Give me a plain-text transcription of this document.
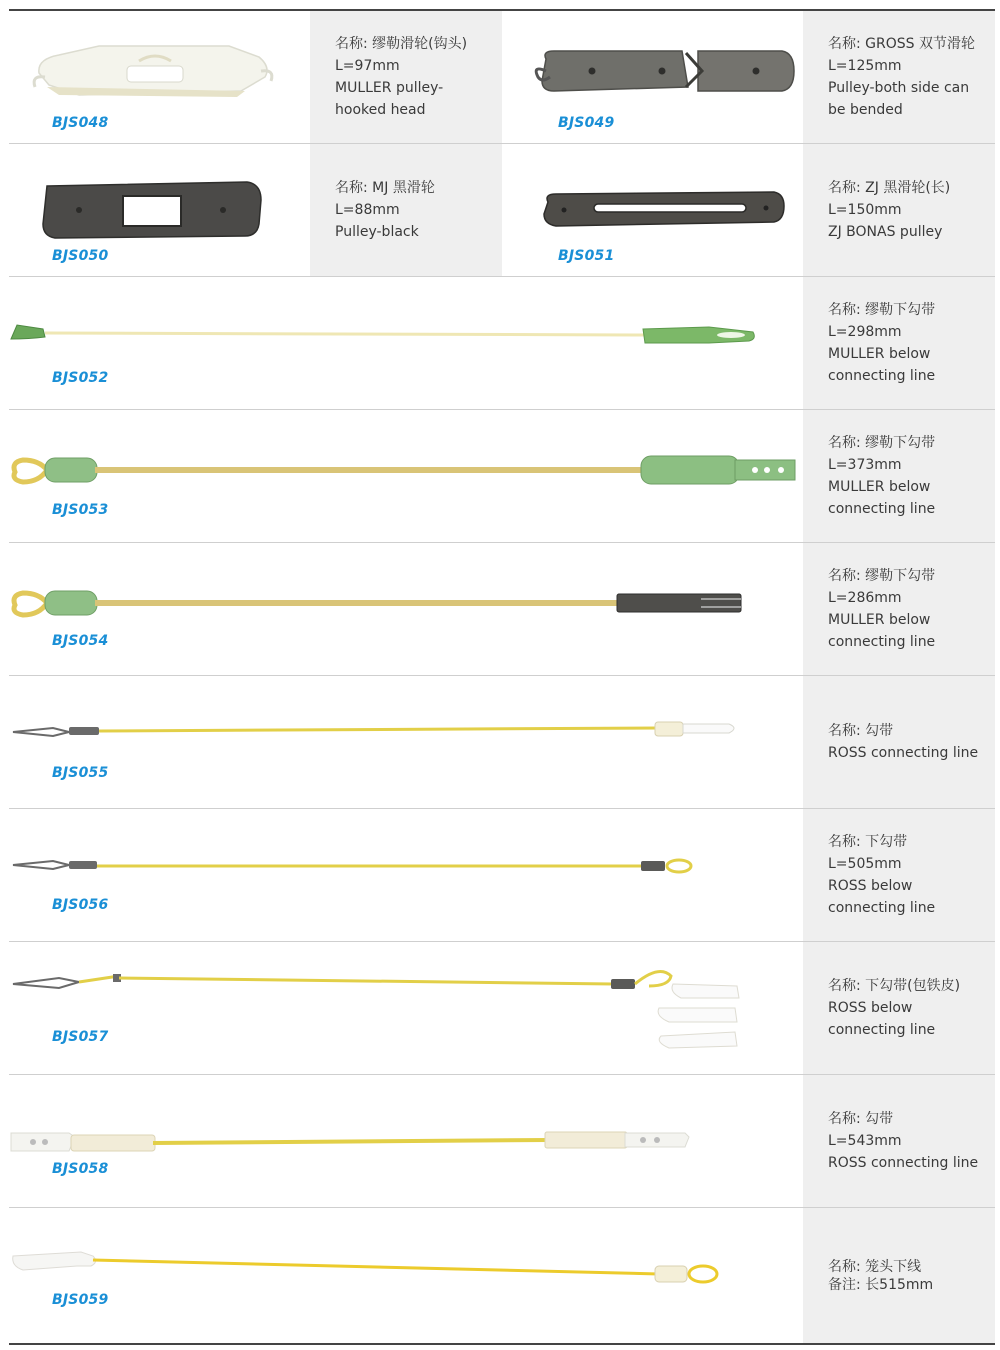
BJS048
名称: 缪勒滑轮(钩头)
L=97mm
MULLER pulley-
hooked head
BJS049
名称: GROSS 双节滑轮
L=125mm
Pulley-both side can
be bended
BJS050
名称: MJ 黑滑轮
L=88mm
Pulley-black
BJS051
名称: ZJ 黑滑轮(长)
L=150mm
ZJ BONAS pulley
BJS052
名称: 缪勒下勾带
L=298mm
MULLER below
connecting line
BJS053
名称: 缪勒下勾带
L=373mm
MULLER below
connecting line
BJS054
名称: 缪勒下勾带
L=286mm
MULLER below
connecting line
BJS055
名称: 勾带
ROSS connecting line
BJS056
名称: 下勾带
L=505mm
ROSS below
connecting line
BJS057
名称: 下勾带(包铁皮)
ROSS below
connecting line
BJS058
名称: 勾带
L=543mm
ROSS connecting line
BJS059
名称: 笼头下线
备注: 长515mm
